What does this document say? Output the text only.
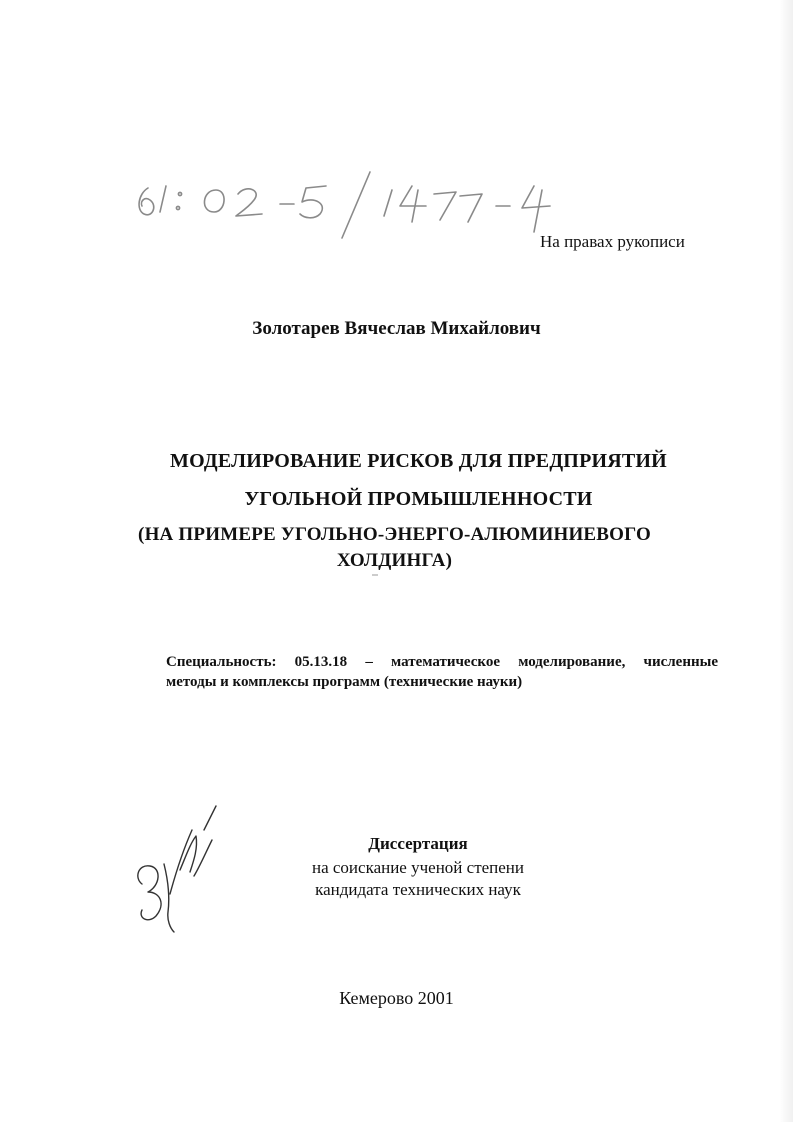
На правах рукописи
Золотарев Вячеслав Михайлович
МОДЕЛИРОВАНИЕ РИСКОВ ДЛЯ ПРЕДПРИЯТИЙ
УГОЛЬНОЙ ПРОМЫШЛЕННОСТИ
(НА ПРИМЕРЕ УГОЛЬНО-ЭНЕРГО-АЛЮМИНИЕВОГО
ХОЛДИНГА)
Специальность: 05.13.18 – математическое моделирование, численные
методы и комплексы программ (технические науки)
Диссертация
на соискание ученой степени
кандидата технических наук
Кемерово 2001
